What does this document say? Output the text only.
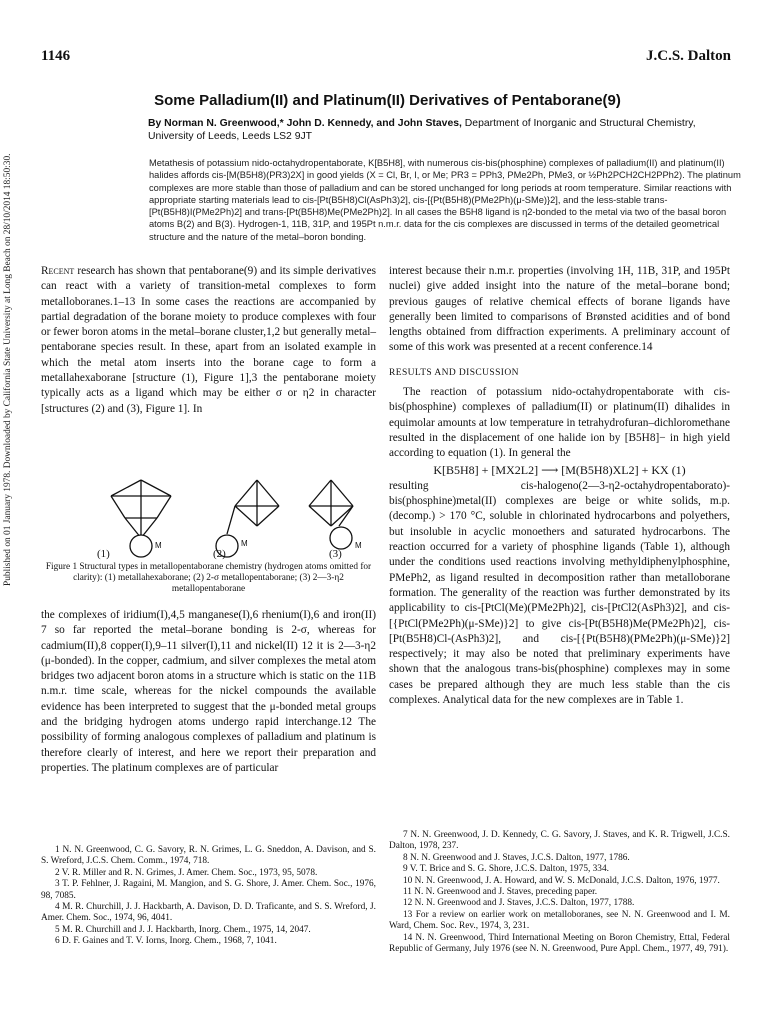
1146	J.C.S. Dalton
Published on 01 January 1978. Downloaded by California State University at Long Beach on 28/10/2014 18:50:30.
Some Palladium(II) and Platinum(II) Derivatives of Pentaborane(9)
By Norman N. Greenwood,* John D. Kennedy, and John Staves, Department of Inorganic and Structural Chemistry, University of Leeds, Leeds LS2 9JT
Metathesis of potassium nido-octahydropentaborate, K[B5H8], with numerous cis-bis(phosphine) complexes of palladium(II) and platinum(II) halides affords cis-[M(B5H8)(PR3)2X] in good yields (X = Cl, Br, I, or Me; PR3 = PPh3, PMe2Ph, PMe3, or ½Ph2PCH2CH2PPh2). The platinum complexes are more stable than those of palladium and can be stored unchanged for long periods at room temperature. Similar reactions with appropriate starting materials lead to cis-[Pt(B5H8)Cl(AsPh3)2], cis-[{Pt(B5H8)(PMe2Ph)(μ-SMe)}2], and the less-stable trans-[Pt(B5H8)I(PMe2Ph)2] and trans-[Pt(B5H8)Me(PMe2Ph)2]. In all cases the B5H8 ligand is η2-bonded to the metal via two of the basal boron atoms B(2) and B(3). Hydrogen-1, 11B, 31P, and 195Pt n.m.r. data for the cis complexes are discussed in terms of the detailed geometrical structure and the nature of the metal–boron bonding.

Recent research has shown that pentaborane(9) and its simple derivatives can react with a variety of transition-metal complexes to form metalloboranes.1–13 In some cases the reactions are accompanied by partial degradation of the borane moiety to produce complexes with four or fewer boron atoms in the metal–borane cluster,1,2 but generally metal–pentaborane species result. In these, apart from an isolated example in which the metal atom inserts into the borane cage to form a metallahexaborane [structure (1), Figure 1],3 the pentaborane moiety typically acts as a ligand which may be either σ or η2 in character [structures (2) and (3), Figure 1]. In

M	M	M
(1)	(2)	(3)
Figure 1 Structural types in metallopentaborane chemistry (hydrogen atoms omitted for clarity): (1) metallahexaborane; (2) 2-σ metallopentaborane; (3) 2—3-η2 metallopentaborane

the complexes of iridium(I),4,5 manganese(I),6 rhenium(I),6 and iron(II) 7 so far reported the metal–borane bonding is 2-σ, whereas for cadmium(II),8 copper(I),9–11 silver(I),11 and nickel(II) 12 it is 2—3-η2 (μ-bonded). In the copper, cadmium, and silver complexes the metal atom bridges two adjacent boron atoms in a structure which is static on the 11B n.m.r. time scale, whereas for the nickel compounds the available evidence has been interpreted to suggest that the μ-bonded metal groups and the bridging hydrogen atoms undergo rapid interchange.12 The possibility of forming analogous complexes of palladium and platinum is therefore clearly of interest, and here we report their preparation and properties. The platinum complexes are of particular

1 N. N. Greenwood, C. G. Savory, R. N. Grimes, L. G. Sneddon, A. Davison, and S. S. Wreford, J.C.S. Chem. Comm., 1974, 718.

2 V. R. Miller and R. N. Grimes, J. Amer. Chem. Soc., 1973, 95, 5078.

3 T. P. Fehlner, J. Ragaini, M. Mangion, and S. G. Shore, J. Amer. Chem. Soc., 1976, 98, 7085.

4 M. R. Churchill, J. J. Hackbarth, A. Davison, D. D. Traficante, and S. S. Wreford, J. Amer. Chem. Soc., 1974, 96, 4041.

5 M. R. Churchill and J. J. Hackbarth, Inorg. Chem., 1975, 14, 2047.

6 D. F. Gaines and T. V. Iorns, Inorg. Chem., 1968, 7, 1041.

interest because their n.m.r. properties (involving 1H, 11B, 31P, and 195Pt nuclei) give added insight into the nature of the metal–borane bond; previous gauges of relative chemical effects of borane ligands have generally been limited to comparisons of Brønsted acidities and of bond lengths obtained from diffraction experiments. A preliminary account of some of this work was presented at a recent conference.14

RESULTS AND DISCUSSION

The reaction of potassium nido-octahydropentaborate with cis-bis(phosphine) complexes of palladium(II) or platinum(II) dihalides in equimolar amounts at low temperature in tetrahydrofuran–dichloromethane resulted in the displacement of one halide ion by [B5H8]− in high yield according to equation (1). In general the

K[B5H8] + [MX2L2] ⟶ [M(B5H8)XL2] + KX (1)

resulting cis-halogeno(2—3-η2-octahydropentaborato)-bis(phosphine)metal(II) complexes are beige or white solids, m.p. (decomp.) > 170 °C, soluble in chlorinated hydrocarbons and polyethers, but insoluble in acyclic monoethers and saturated hydrocarbons. The reaction occurred for a variety of phosphine ligands (Table 1), although under the conditions used reactions involving methyldiphenylphosphine, PMePh2, as ligand resulted in decomposition rather than metalloborane formation. The generality of the reaction was further demonstrated by its applicability to cis-[PtCl(Me)(PMe2Ph)2], cis-[PtCl2(AsPh3)2], and cis-[{PtCl(PMe2Ph)(μ-SMe)}2] to give cis-[Pt(B5H8)Me(PMe2Ph)2], cis-[Pt(B5H8)Cl-(AsPh3)2], and cis-[{Pt(B5H8)(PMe2Ph)(μ-SMe)}2] respectively; it may also be noted that preliminary experiments have shown that the analogous trans-bis(phosphine) complexes may in some cases be prepared although they are much less stable than the cis complexes. Analytical data for the new complexes are in Table 1.

7 N. N. Greenwood, J. D. Kennedy, C. G. Savory, J. Staves, and K. R. Trigwell, J.C.S. Dalton, 1978, 237.

8 N. N. Greenwood and J. Staves, J.C.S. Dalton, 1977, 1786.

9 V. T. Brice and S. G. Shore, J.C.S. Dalton, 1975, 334.

10 N. N. Greenwood, J. A. Howard, and W. S. McDonald, J.C.S. Dalton, 1976, 1977.

11 N. N. Greenwood and J. Staves, preceding paper.

12 N. N. Greenwood and J. Staves, J.C.S. Dalton, 1977, 1788.

13 For a review on earlier work on metalloboranes, see N. N. Greenwood and I. M. Ward, Chem. Soc. Rev., 1974, 3, 231.

14 N. N. Greenwood, Third International Meeting on Boron Chemistry, Ettal, Federal Republic of Germany, July 1976 (see N. N. Greenwood, Pure Appl. Chem., 1977, 49, 791).
